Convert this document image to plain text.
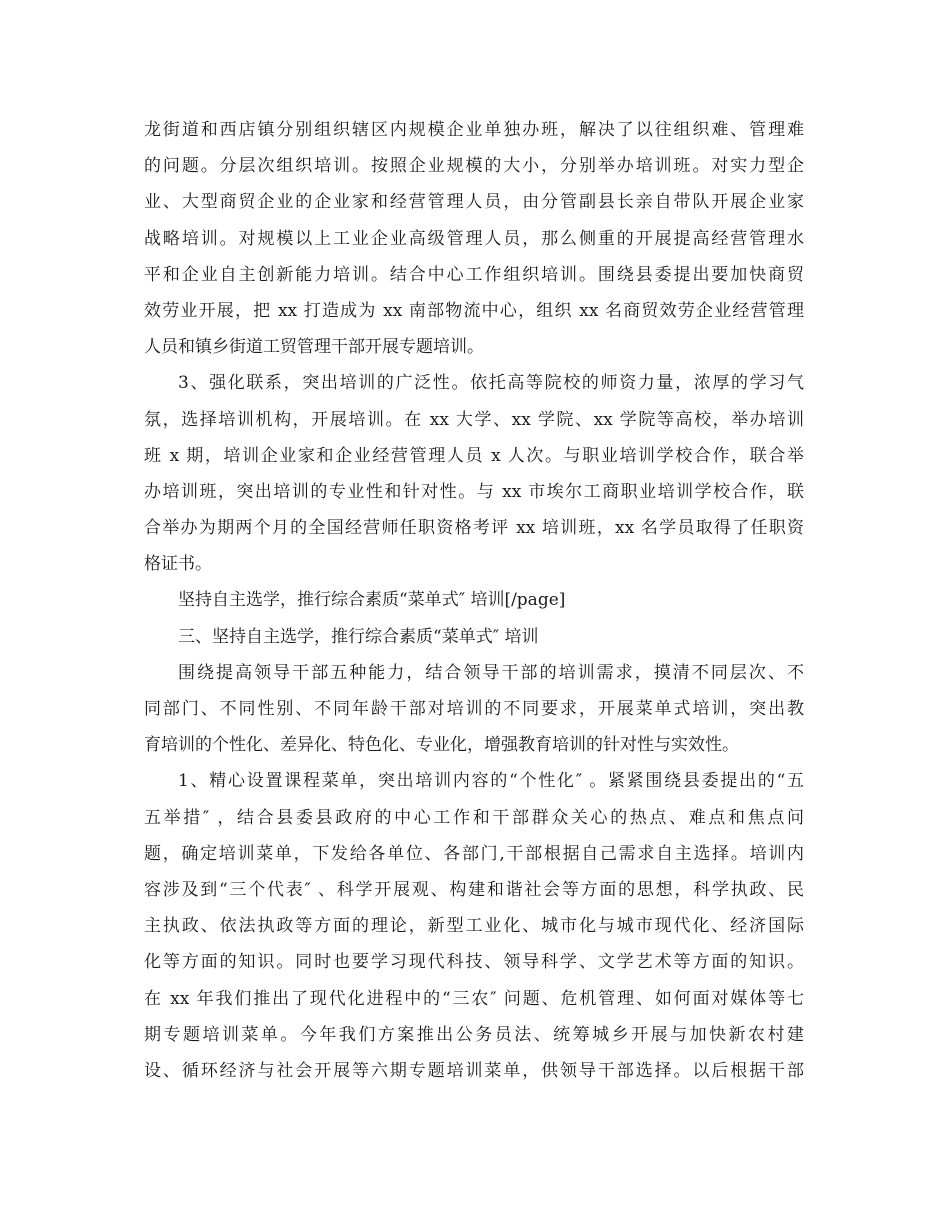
龙街道和西店镇分别组织辖区内规模企业单独办班，解决了以往组织难、管理难
的问题。分层次组织培训。按照企业规模的大小，分别举办培训班。对实力型企
业、大型商贸企业的企业家和经营管理人员，由分管副县长亲自带队开展企业家
战略培训。对规模以上工业企业高级管理人员，那么侧重的开展提高经营管理水
平和企业自主创新能力培训。结合中心工作组织培训。围绕县委提出要加快商贸
效劳业开展，把 xx 打造成为 xx 南部物流中心，组织 xx 名商贸效劳企业经营管理
人员和镇乡街道工贸管理干部开展专题培训。
3、强化联系，突出培训的广泛性。依托高等院校的师资力量，浓厚的学习气
氛，选择培训机构，开展培训。在 xx 大学、xx 学院、xx 学院等高校，举办培训
班 x 期，培训企业家和企业经营管理人员 x 人次。与职业培训学校合作，联合举
办培训班，突出培训的专业性和针对性。与 xx 市埃尔工商职业培训学校合作，联
合举办为期两个月的全国经营师任职资格考评 xx 培训班，xx 名学员取得了任职资
格证书。
坚持自主选学，推行综合素质“菜单式″ 培训[/page]
三、坚持自主选学，推行综合素质“菜单式″ 培训
围绕提高领导干部五种能力，结合领导干部的培训需求，摸清不同层次、不
同部门、不同性别、不同年龄干部对培训的不同要求，开展菜单式培训，突出教
育培训的个性化、差异化、特色化、专业化，增强教育培训的针对性与实效性。
1、精心设置课程菜单，突出培训内容的“个性化″ 。紧紧围绕县委提出的“五
五举措″ ，结合县委县政府的中心工作和干部群众关心的热点、难点和焦点问
题，确定培训菜单，下发给各单位、各部门,干部根据自己需求自主选择。培训内
容涉及到“三个代表″ 、科学开展观、构建和谐社会等方面的思想，科学执政、民
主执政、依法执政等方面的理论，新型工业化、城市化与城市现代化、经济国际
化等方面的知识。同时也要学习现代科技、领导科学、文学艺术等方面的知识。
在 xx 年我们推出了现代化进程中的“三农″ 问题、危机管理、如何面对媒体等七
期专题培训菜单。今年我们方案推出公务员法、统筹城乡开展与加快新农村建
设、循环经济与社会开展等六期专题培训菜单，供领导干部选择。以后根据干部
